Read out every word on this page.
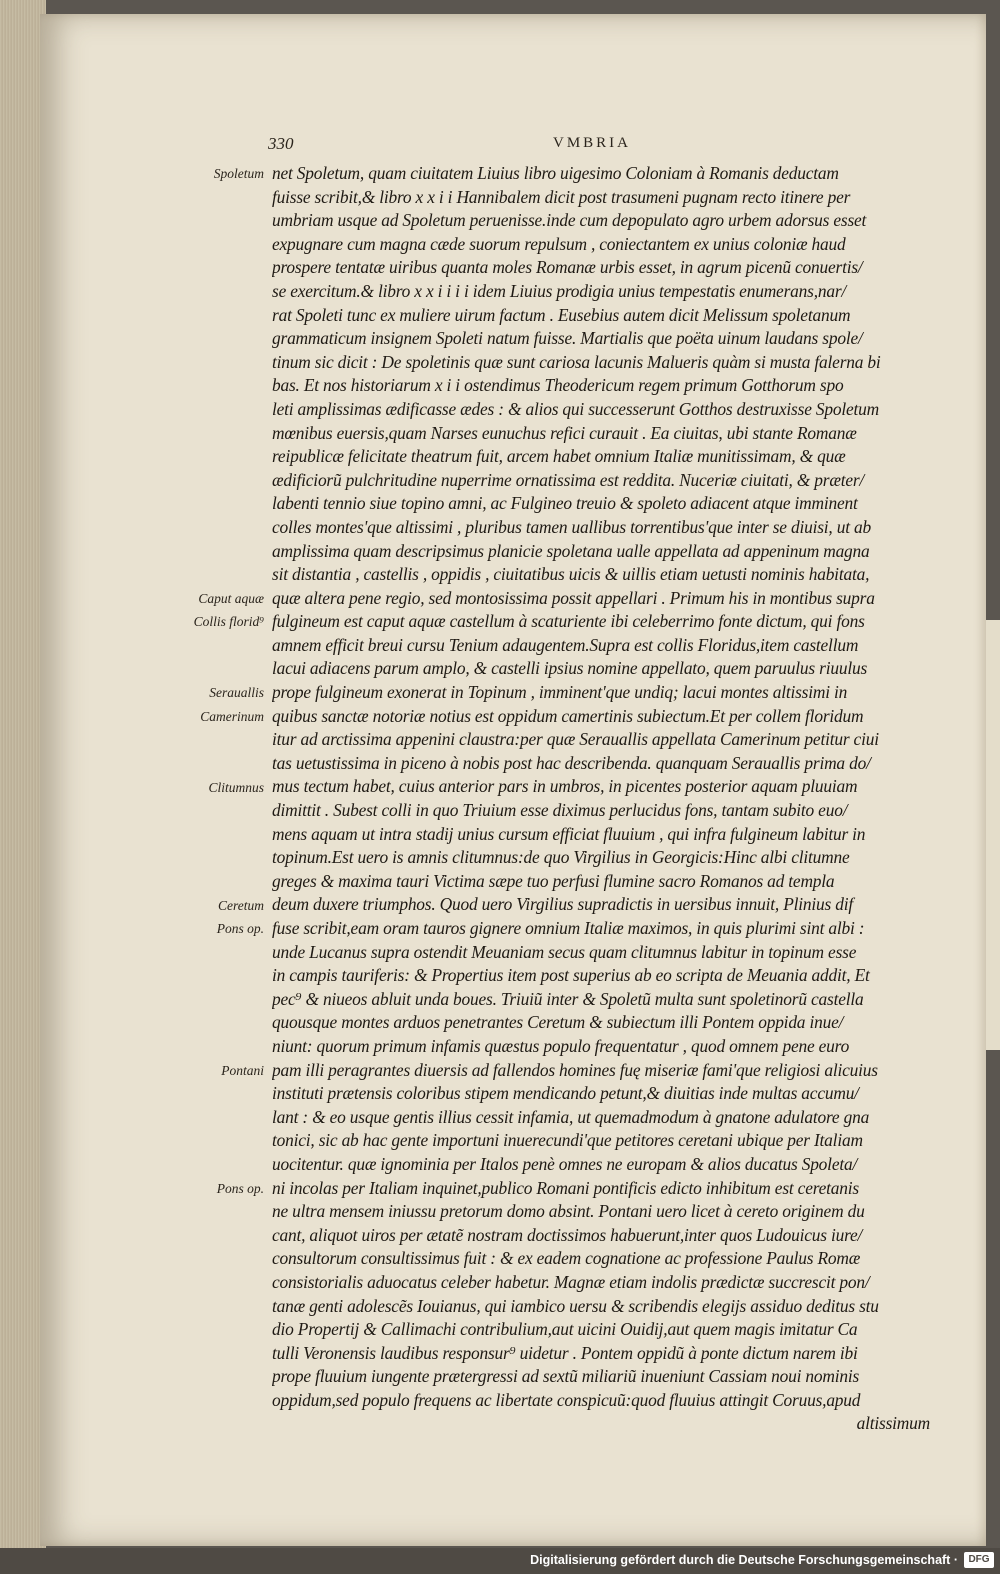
330	VMBRIA
Spoletum
Caput aquæ
Collis florid⁹
Serauallis
Camerinum
Clitumnus
Ceretum
Pons op.
Pontani
Pons op.
net Spoletum, quam ciuitatem Liuius libro uigesimo Coloniam à Romanis deductam
fuisse scribit,& libro x x i i Hannibalem dicit post trasumeni pugnam recto itinere per
umbriam usque ad Spoletum peruenisse.inde cum depopulato agro urbem adorsus esset
expugnare cum magna cæde suorum repulsum , coniectantem ex unius coloniæ haud
prospere tentatæ uiribus quanta moles Romanæ urbis esset, in agrum picenũ conuertis/
se exercitum.& libro x x i i i i idem Liuius prodigia unius tempestatis enumerans,nar/
rat Spoleti tunc ex muliere uirum factum . Eusebius autem dicit Melissum spoletanum
grammaticum insignem Spoleti natum fuisse. Martialis que poëta uinum laudans spole/
tinum sic dicit : De spoletinis quæ sunt cariosa lacunis Malueris quàm si musta falerna bi
bas. Et nos historiarum x i i ostendimus Theodericum regem primum Gotthorum spo
leti amplissimas ædificasse ædes : & alios qui successerunt Gotthos destruxisse Spoletum
mœnibus euersis,quam Narses eunuchus refici curauit . Ea ciuitas, ubi stante Romanæ
reipublicæ felicitate theatrum fuit, arcem habet omnium Italiæ munitissimam, & quæ
ædificiorũ pulchritudine nuperrime ornatissima est reddita. Nuceriæ ciuitati, & præter/
labenti tennio siue topino amni, ac Fulgineo treuio & spoleto adiacent atque imminent
colles montes'que altissimi , pluribus tamen uallibus torrentibus'que inter se diuisi, ut ab
amplissima quam descripsimus planicie spoletana ualle appellata ad appeninum magna
sit distantia , castellis , oppidis , ciuitatibus uicis & uillis etiam uetusti nominis habitata,
quæ altera pene regio, sed montosissima possit appellari . Primum his in montibus supra
fulgineum est caput aquæ castellum à scaturiente ibi celeberrimo fonte dictum, qui fons
amnem efficit breui cursu Tenium adaugentem.Supra est collis Floridus,item castellum
lacui adiacens parum amplo, & castelli ipsius nomine appellato, quem paruulus riuulus
prope fulgineum exonerat in Topinum , imminent'que undiq; lacui montes altissimi in
quibus sanctæ notoriæ notius est oppidum camertinis subiectum.Et per collem floridum
itur ad arctissima appenini claustra:per quæ Serauallis appellata Camerinum petitur ciui
tas uetustissima in piceno à nobis post hac describenda. quanquam Serauallis prima do/
mus tectum habet, cuius anterior pars in umbros, in picentes posterior aquam pluuiam
dimittit . Subest colli in quo Triuium esse diximus perlucidus fons, tantam subito euo/
mens aquam ut intra stadij unius cursum efficiat fluuium , qui infra fulgineum labitur in
topinum.Est uero is amnis clitumnus:de quo Virgilius in Georgicis:Hinc albi clitumne
greges & maxima tauri Victima sæpe tuo perfusi flumine sacro Romanos ad templa
deum duxere triumphos. Quod uero Virgilius supradictis in uersibus innuit, Plinius dif
fuse scribit,eam oram tauros gignere omnium Italiæ maximos, in quis plurimi sint albi :
unde Lucanus supra ostendit Meuaniam secus quam clitumnus labitur in topinum esse
in campis tauriferis: & Propertius item post superius ab eo scripta de Meuania addit, Et
pec⁹ & niueos abluit unda boues. Triuiũ inter & Spoletũ multa sunt spoletinorũ castella
quousque montes arduos penetrantes Ceretum & subiectum illi Pontem oppida inue/
niunt: quorum primum infamis quæstus populo frequentatur , quod omnem pene euro
pam illi peragrantes diuersis ad fallendos homines fuę miseriæ fami'que religiosi alicuius
instituti prætensis coloribus stipem mendicando petunt,& diuitias inde multas accumu/
lant : & eo usque gentis illius cessit infamia, ut quemadmodum à gnatone adulatore gna
tonici, sic ab hac gente importuni inuerecundi'que petitores ceretani ubique per Italiam
uocitentur. quæ ignominia per Italos penè omnes ne europam & alios ducatus Spoleta/
ni incolas per Italiam inquinet,publico Romani pontificis edicto inhibitum est ceretanis
ne ultra mensem iniussu pretorum domo absint. Pontani uero licet à cereto originem du
cant, aliquot uiros per ætatẽ nostram doctissimos habuerunt,inter quos Ludouicus iure/
consultorum consultissimus fuit : & ex eadem cognatione ac professione Paulus Romæ
consistorialis aduocatus celeber habetur. Magnæ etiam indolis prædictæ succrescit pon/
tanæ genti adolescẽs Iouianus, qui iambico uersu & scribendis elegijs assiduo deditus stu
dio Propertij & Callimachi contribulium,aut uicini Ouidij,aut quem magis imitatur Ca
tulli Veronensis laudibus responsur⁹ uidetur . Pontem oppidũ à ponte dictum narem ibi
prope fluuium iungente prætergressi ad sextũ miliariũ inueniunt Cassiam noui nominis
oppidum,sed populo frequens ac libertate conspicuũ:quod fluuius attingit Coruus,apud
altissimum
Digitalisierung gefördert durch die Deutsche Forschungsgemeinschaft ·	DFG
